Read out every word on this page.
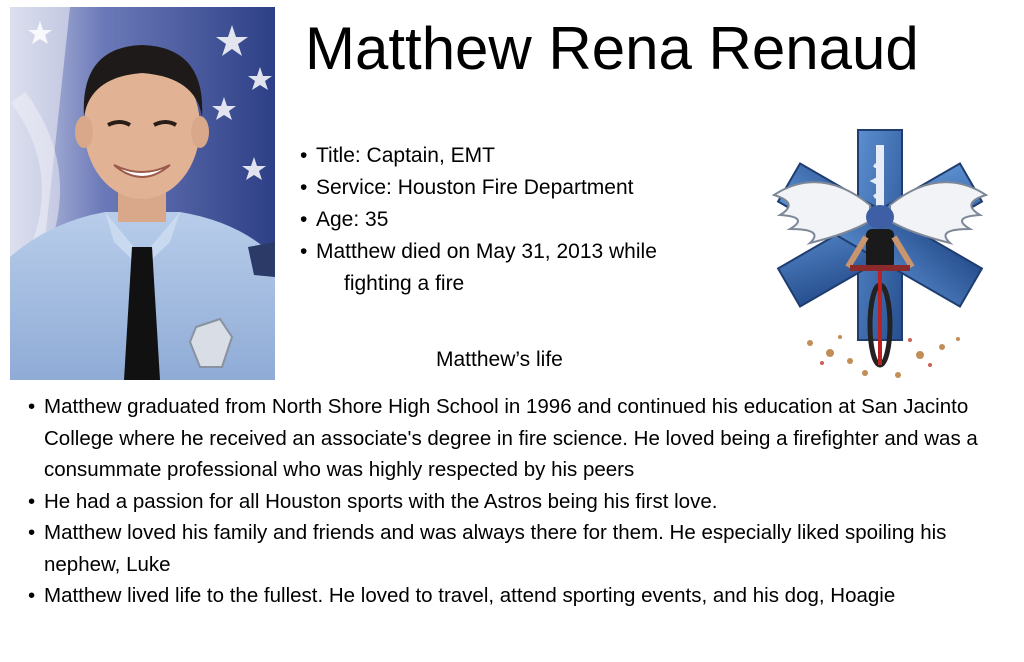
Matthew Rena Renaud
• Title: Captain, EMT
• Service: Houston Fire Department
• Age: 35
• Matthew died on May 31, 2013 while
fighting a fire
Matthew’s life
• Matthew graduated from North Shore High School in 1996 and continued his education at San Jacinto College where he received an associate's degree in fire science. He loved being a firefighter and was a consummate professional who was highly respected by his peers
• He had a passion for all Houston sports with the Astros being his first love.
• Matthew loved his family and friends and was always there for them. He especially liked spoiling his nephew, Luke
• Matthew lived life to the fullest. He loved to travel, attend sporting events, and his dog, Hoagie
